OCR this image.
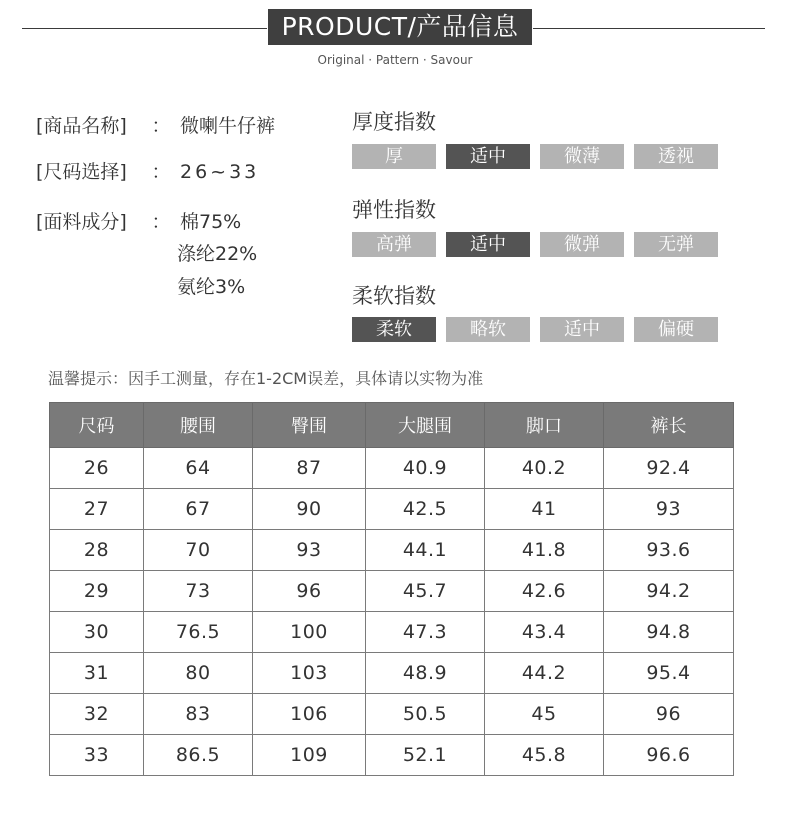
PRODUCT/产品信息
Original · Pattern · Savour
[商品名称] ： 微喇牛仔裤
[尺码选择] ： 26~33
[面料成分] ： 棉75%
涤纶22%
氨纶3%
厚度指数
厚	适中	微薄	透视
弹性指数
高弹	适中	微弹	无弹
柔软指数
柔软	略软	适中	偏硬
温馨提示：因手工测量，存在1-2CM误差，具体请以实物为准
尺码	腰围	臀围	大腿围	脚口	裤长
26	64	87	40.9	40.2	92.4
27	67	90	42.5	41	93
28	70	93	44.1	41.8	93.6
29	73	96	45.7	42.6	94.2
30	76.5	100	47.3	43.4	94.8
31	80	103	48.9	44.2	95.4
32	83	106	50.5	45	96
33	86.5	109	52.1	45.8	96.6
